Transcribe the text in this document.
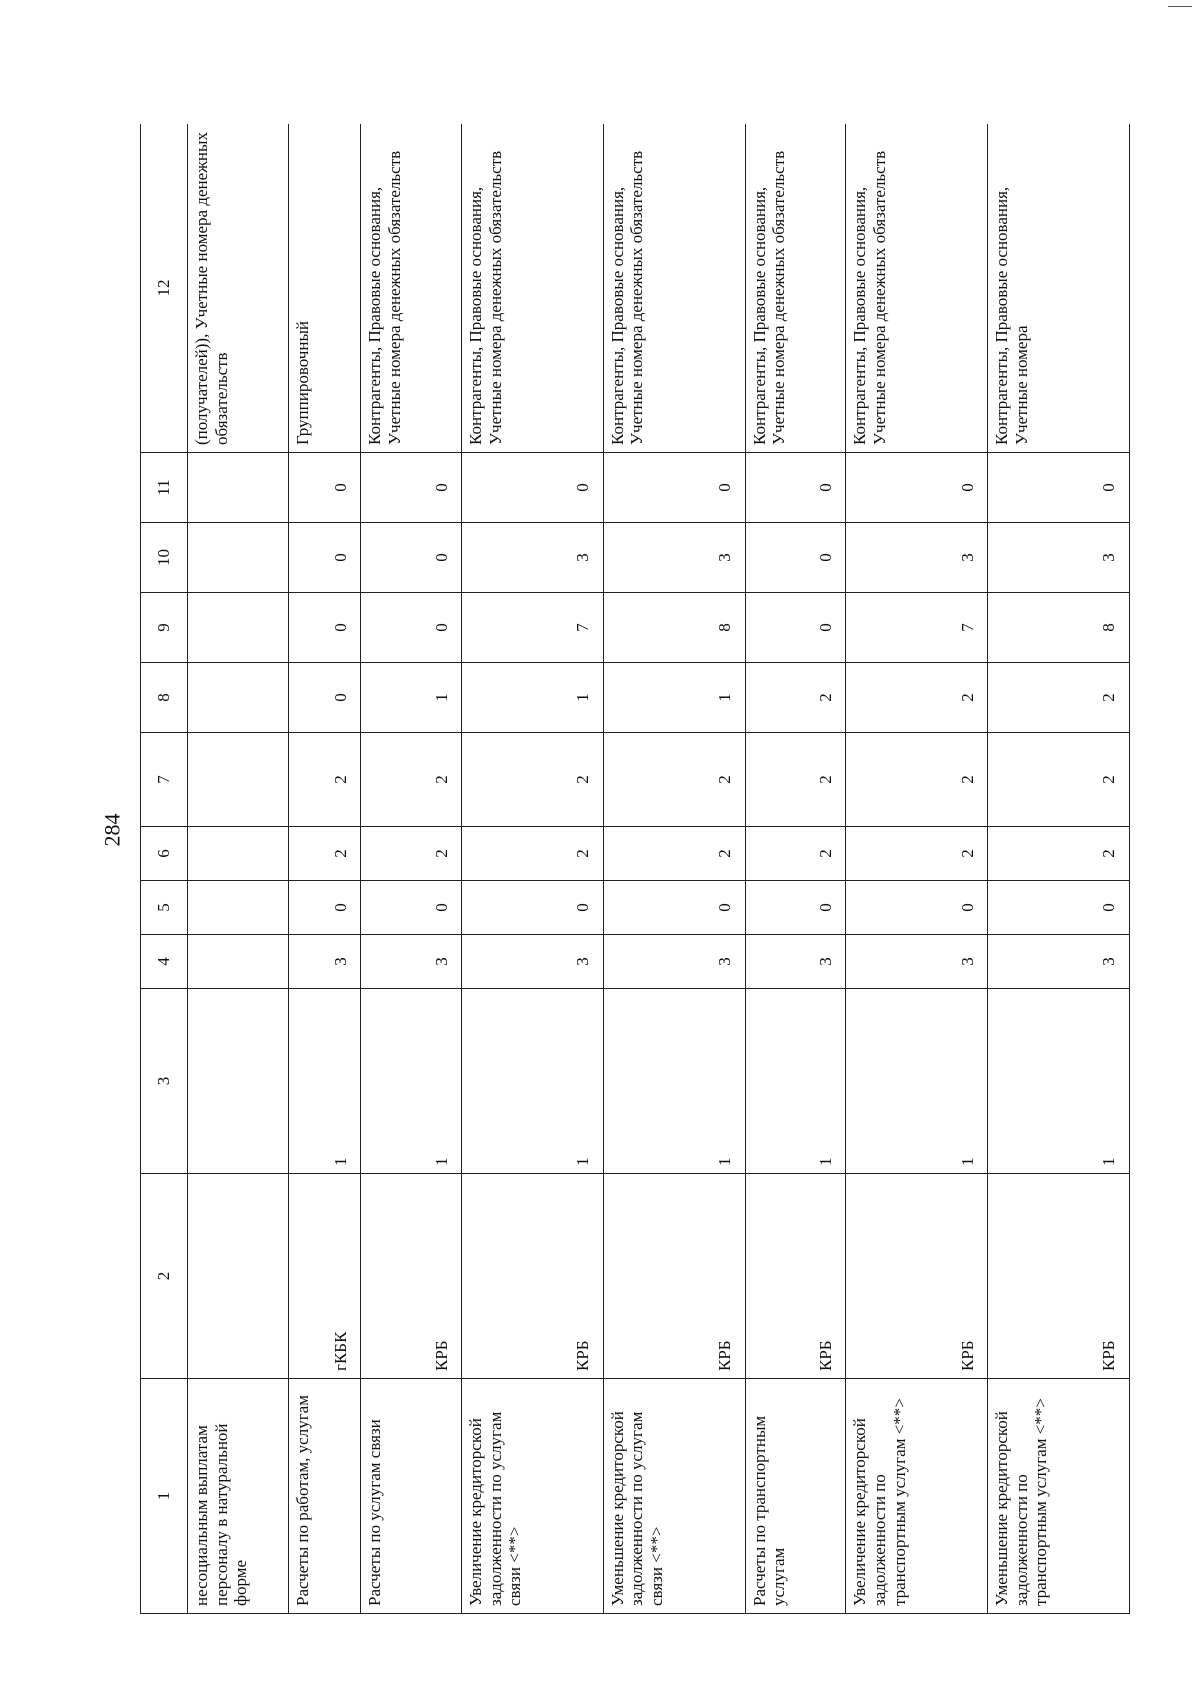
284
1	2	3	4	5	6	7	8	9	10	11	12
несоциальным выплатам персоналу в натуральной форме											(получателей)), Учетные номера денежных обязательств
Расчеты по работам, услугам	гКБК	1	3	0	2	2	0	0	0	0	Группировочный
Расчеты по услугам связи	КРБ	1	3	0	2	2	1	0	0	0	Контрагенты, Правовые основания, Учетные номера денежных обязательств
Увеличение кредиторской задолженности по услугам связи <**>	КРБ	1	3	0	2	2	1	7	3	0	Контрагенты, Правовые основания, Учетные номера денежных обязательств
Уменьшение кредиторской задолженности по услугам связи <**>	КРБ	1	3	0	2	2	1	8	3	0	Контрагенты, Правовые основания, Учетные номера денежных обязательств
Расчеты по транспортным услугам	КРБ	1	3	0	2	2	2	0	0	0	Контрагенты, Правовые основания, Учетные номера денежных обязательств
Увеличение кредиторской задолженности по транспортным услугам <**>	КРБ	1	3	0	2	2	2	7	3	0	Контрагенты, Правовые основания, Учетные номера денежных обязательств
Уменьшение кредиторской задолженности по транспортным услугам <**>	КРБ	1	3	0	2	2	2	8	3	0	Контрагенты, Правовые основания, Учетные номера
